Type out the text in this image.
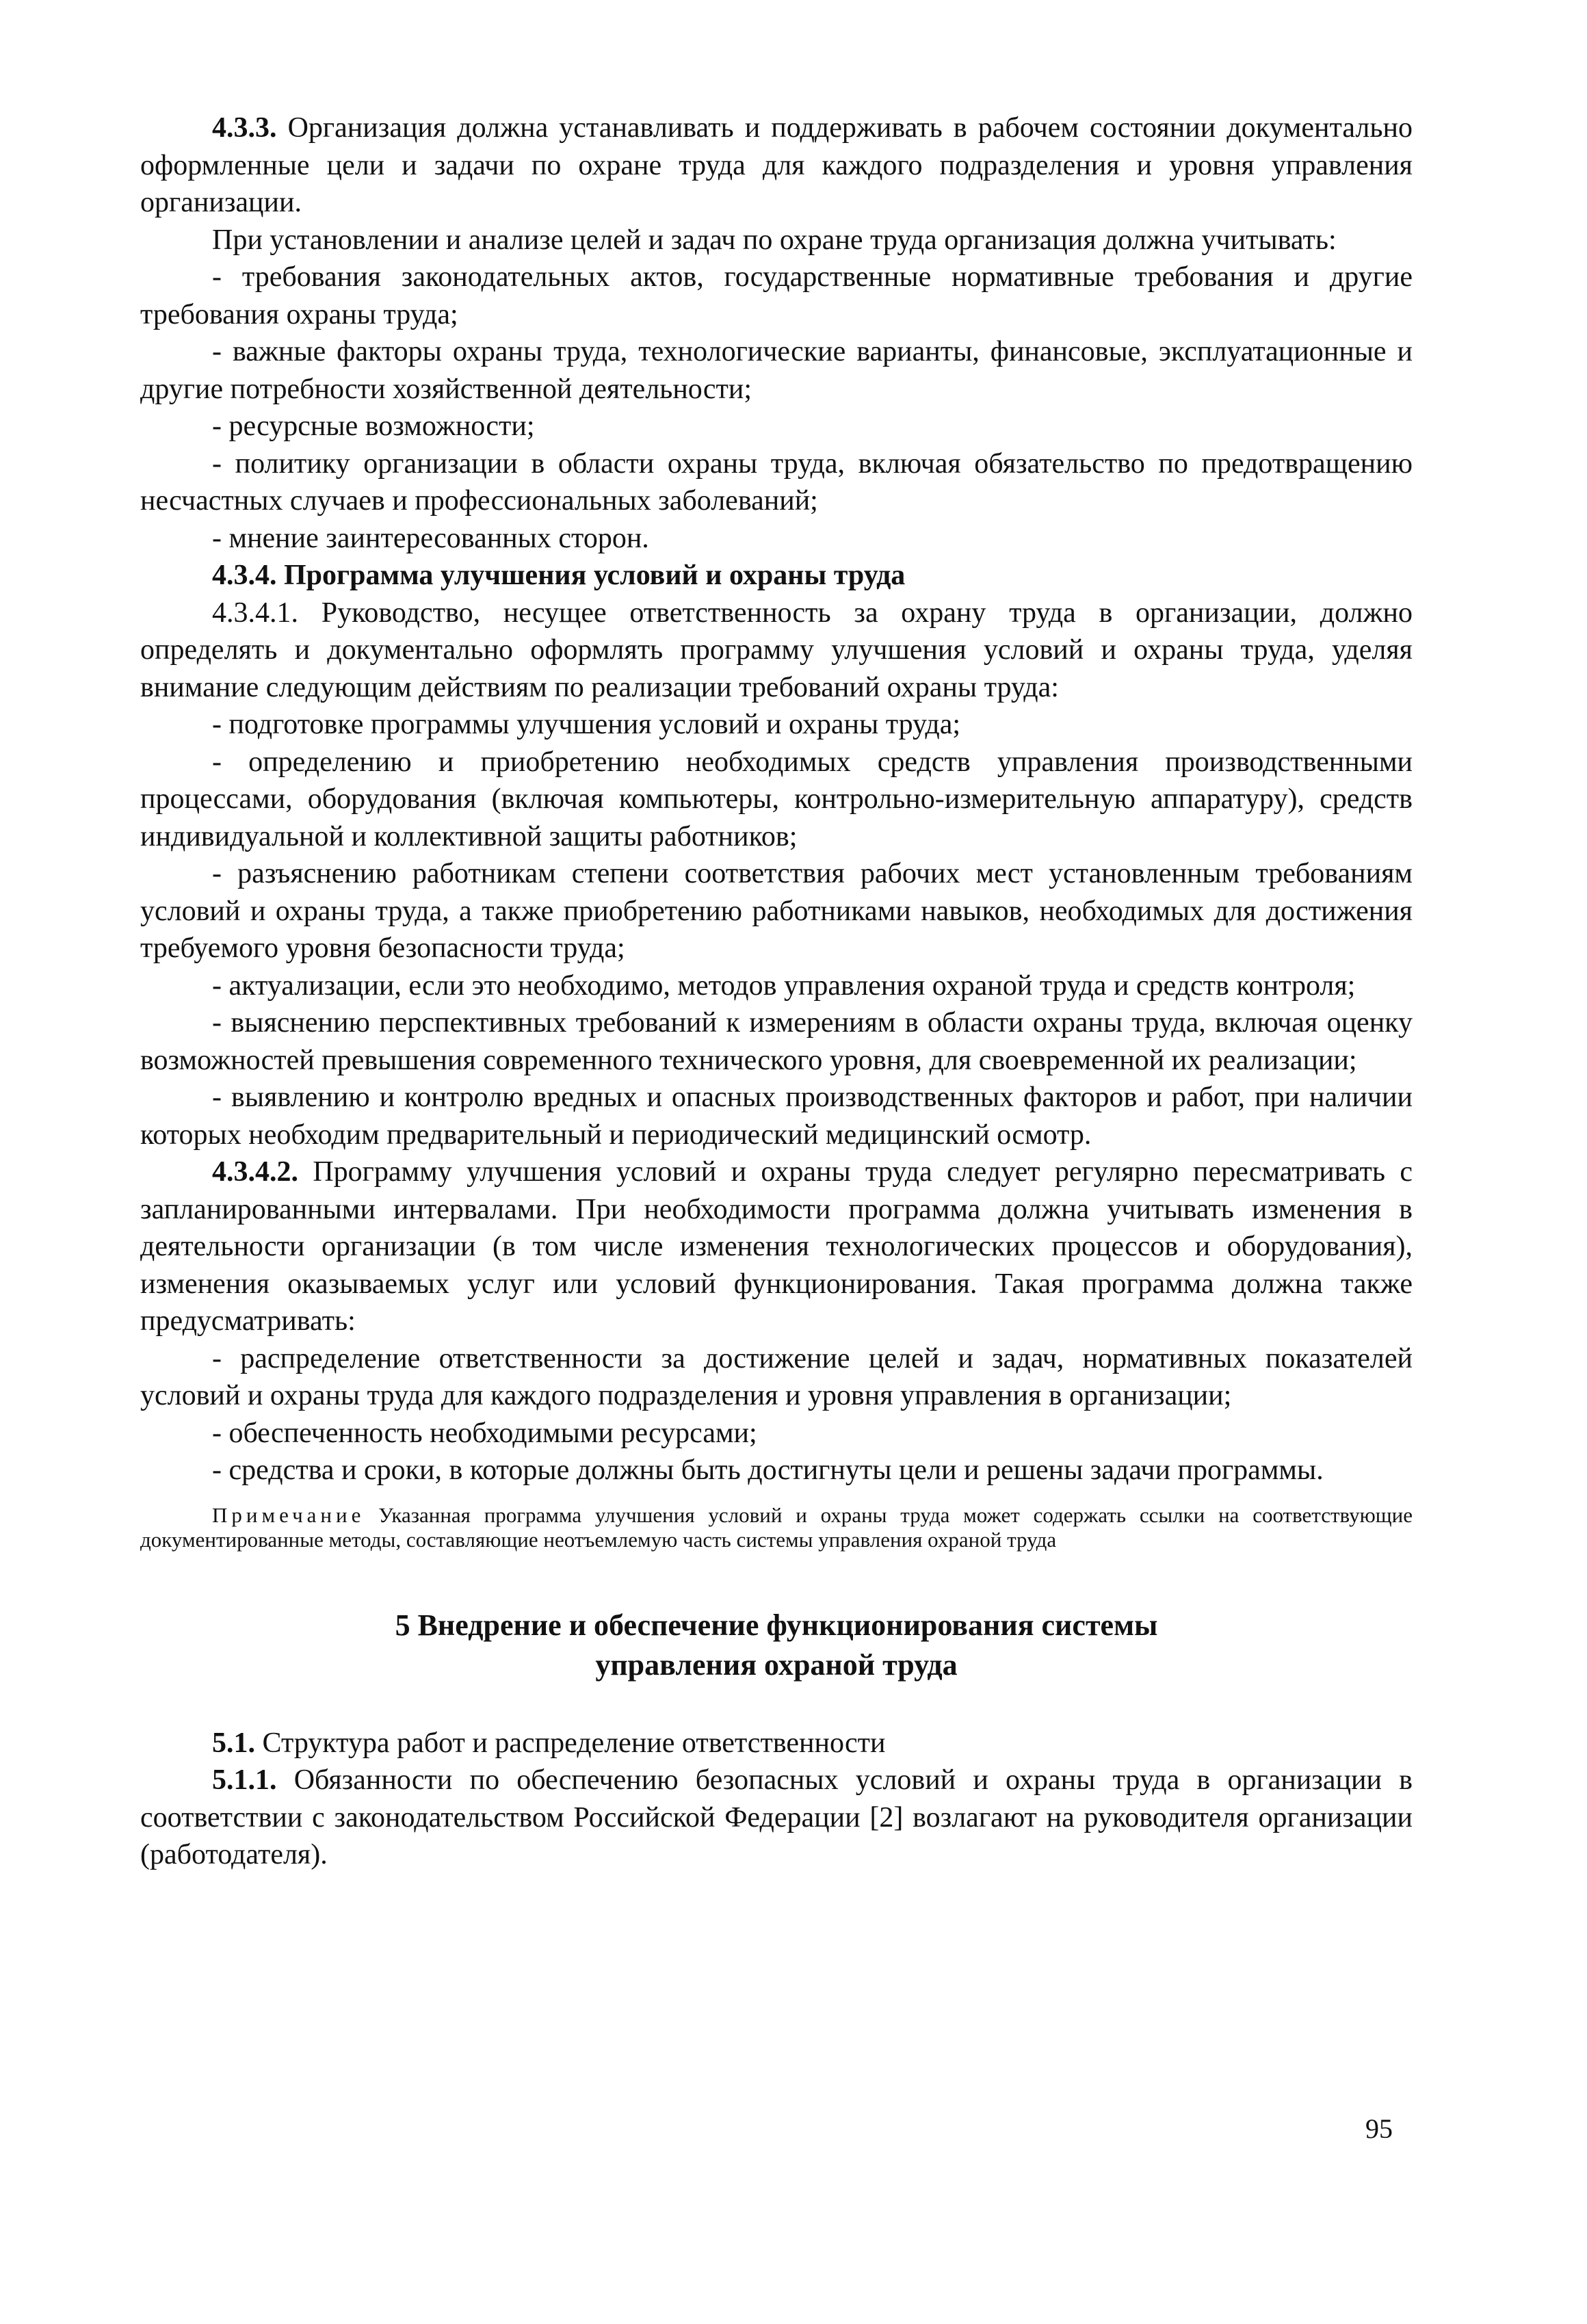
4.3.3. Организация должна устанавливать и поддерживать в рабочем состоянии документально оформленные цели и задачи по охране труда для каждого подразделения и уровня управления организации.

При установлении и анализе целей и задач по охране труда организация должна учитывать:

- требования законодательных актов, государственные нормативные требования и другие требования охраны труда;

- важные факторы охраны труда, технологические варианты, финансовые, эксплуатационные и другие потребности хозяйственной деятельности;

- ресурсные возможности;

- политику организации в области охраны труда, включая обязательство по предотвращению несчастных случаев и профессиональных заболеваний;

- мнение заинтересованных сторон.

4.3.4. Программа улучшения условий и охраны труда

4.3.4.1. Руководство, несущее ответственность за охрану труда в организации, должно определять и документально оформлять программу улучшения условий и охраны труда, уделяя внимание следующим действиям по реализации требований охраны труда:

- подготовке программы улучшения условий и охраны труда;

- определению и приобретению необходимых средств управления производственными процессами, оборудования (включая компьютеры, контрольно-измерительную аппаратуру), средств индивидуальной и коллективной защиты работников;

- разъяснению работникам степени соответствия рабочих мест установленным требованиям условий и охраны труда, а также приобретению работниками навыков, необходимых для достижения требуемого уровня безопасности труда;

- актуализации, если это необходимо, методов управления охраной труда и средств контроля;

- выяснению перспективных требований к измерениям в области охраны труда, включая оценку возможностей превышения современного технического уровня, для своевременной их реализации;

- выявлению и контролю вредных и опасных производственных факторов и работ, при наличии которых необходим предварительный и периодический медицинский осмотр.

4.3.4.2. Программу улучшения условий и охраны труда следует регулярно пересматривать с запланированными интервалами. При необходимости программа должна учитывать изменения в деятельности организации (в том числе изменения технологических процессов и оборудования), изменения оказываемых услуг или условий функционирования. Такая программа должна также предусматривать:

- распределение ответственности за достижение целей и задач, нормативных показателей условий и охраны труда для каждого подразделения и уровня управления в организации;

- обеспеченность необходимыми ресурсами;

- средства и сроки, в которые должны быть достигнуты цели и решены задачи программы.

Примечание Указанная программа улучшения условий и охраны труда может содержать ссылки на соответствующие документированные методы, составляющие неотъемлемую часть системы управления охраной труда

5 Внедрение и обеспечение функционирования системы
управления охраной труда

5.1. Структура работ и распределение ответственности

5.1.1. Обязанности по обеспечению безопасных условий и охраны труда в организации в соответствии с законодательством Российской Федерации [2] возлагают на руководителя организации (работодателя).

95
